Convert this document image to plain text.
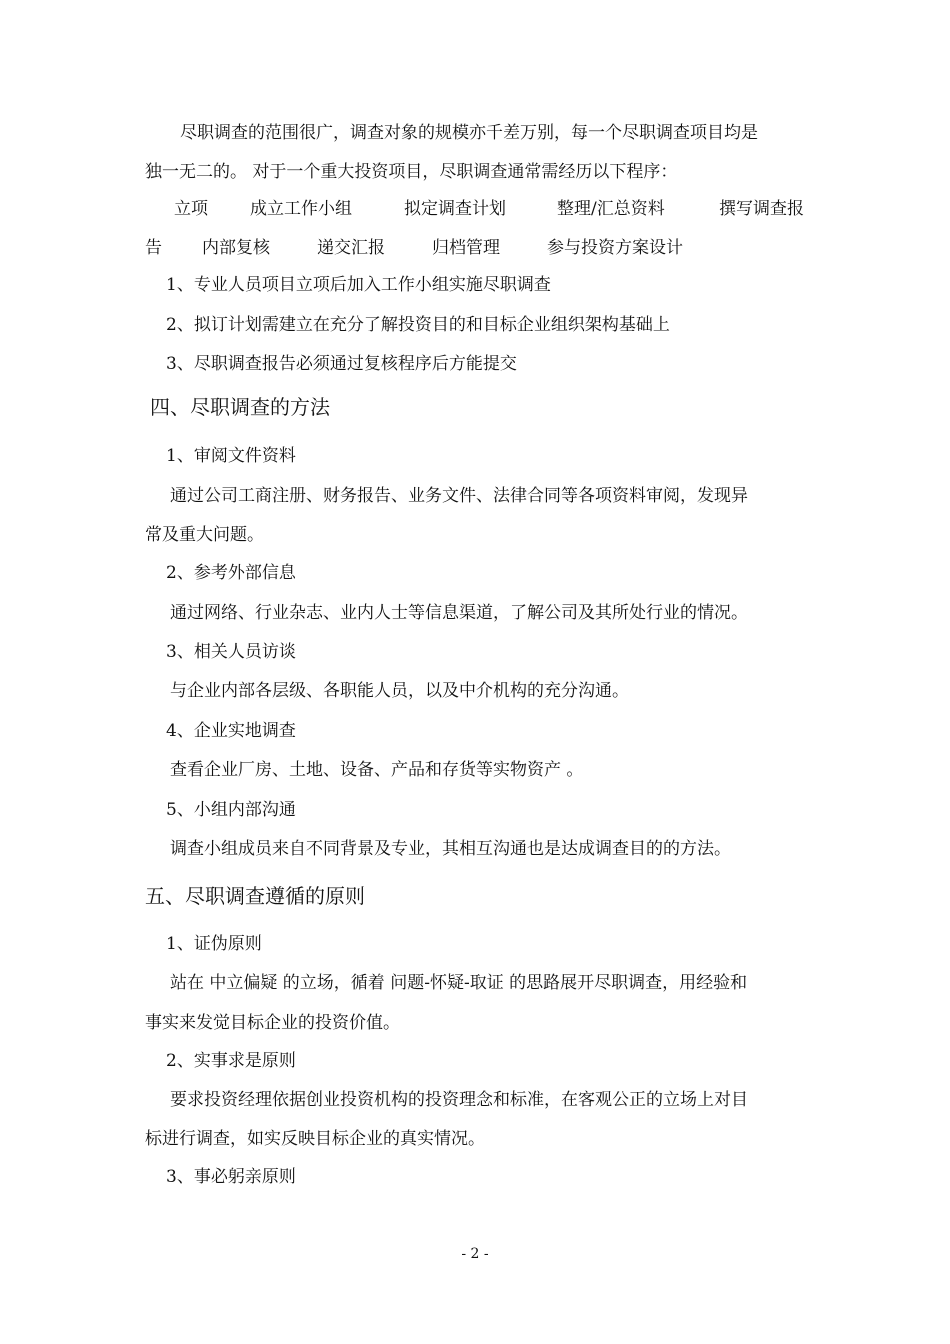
尽职调查的范围很广，调查对象的规模亦千差万别，每一个尽职调查项目均是
独一无二的。 对于一个重大投资项目，尽职调查通常需经历以下程序：
立项 成立工作小组	拟定调查计划	整理/汇总资料	撰写调查报
告 内部复核	递交汇报	归档管理	参与投资方案设计
1、专业人员项目立项后加入工作小组实施尽职调查
2、拟订计划需建立在充分了解投资目的和目标企业组织架构基础上
3、尽职调查报告必须通过复核程序后方能提交
四、尽职调查的方法
1、审阅文件资料
通过公司工商注册、财务报告、业务文件、法律合同等各项资料审阅，发现异
常及重大问题。
2、参考外部信息
通过网络、行业杂志、业内人士等信息渠道，了解公司及其所处行业的情况。
3、相关人员访谈
与企业内部各层级、各职能人员，以及中介机构的充分沟通。
4、企业实地调查
查看企业厂房、土地、设备、产品和存货等实物资产 。
5、小组内部沟通
调查小组成员来自不同背景及专业，其相互沟通也是达成调查目的的方法。
五、尽职调查遵循的原则
1、证伪原则
站在 中立偏疑 的立场，循着 问题-怀疑-取证 的思路展开尽职调查，用经验和
事实来发觉目标企业的投资价值。
2、实事求是原则
要求投资经理依据创业投资机构的投资理念和标准，在客观公正的立场上对目
标进行调查，如实反映目标企业的真实情况。
3、事必躬亲原则
- 2 -
